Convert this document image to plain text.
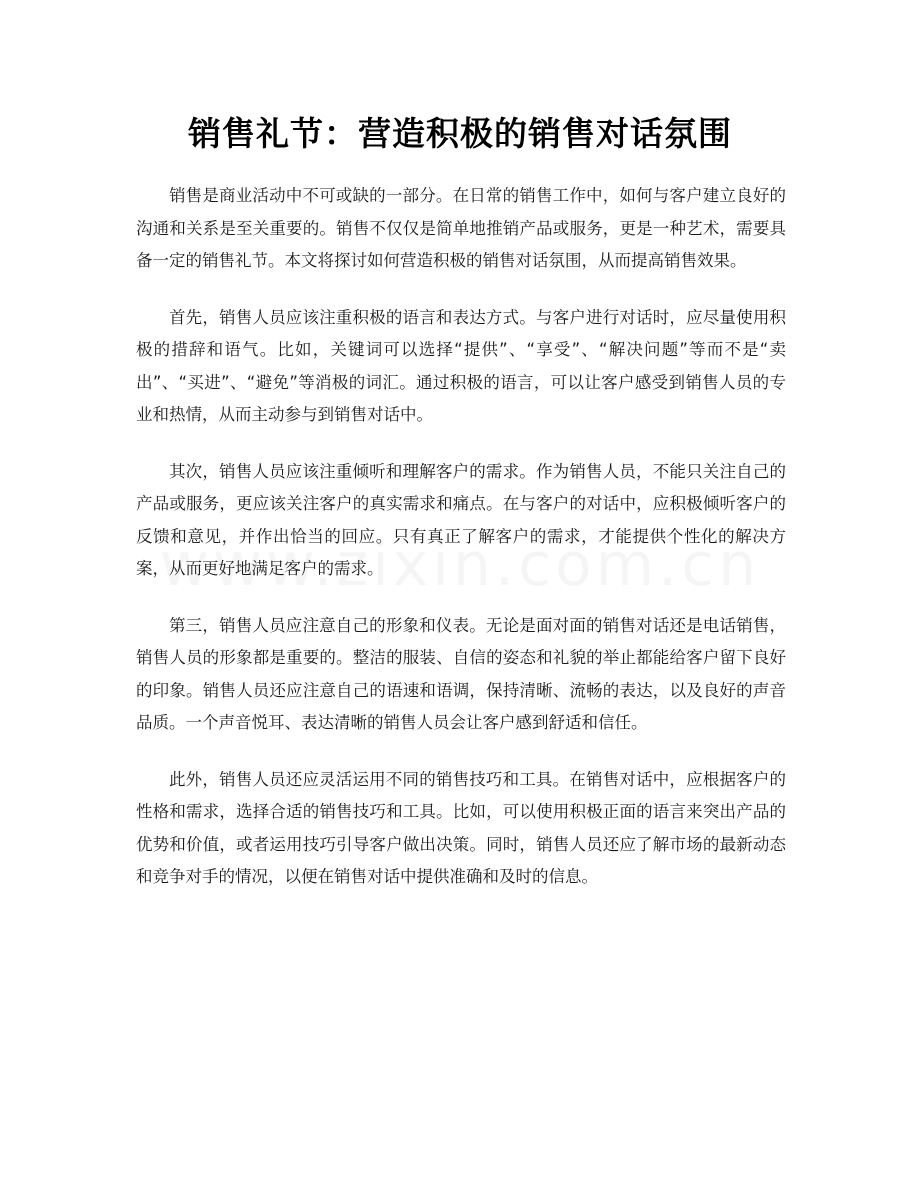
销售礼节：营造积极的销售对话氛围

销售是商业活动中不可或缺的一部分。在日常的销售工作中，如何与客户建立良好的沟通和关系是至关重要的。销售不仅仅是简单地推销产品或服务，更是一种艺术，需要具备一定的销售礼节。本文将探讨如何营造积极的销售对话氛围，从而提高销售效果。

首先，销售人员应该注重积极的语言和表达方式。与客户进行对话时，应尽量使用积极的措辞和语气。比如，关键词可以选择“提供”、“享受”、“解决问题”等而不是“卖出”、“买进”、“避免”等消极的词汇。通过积极的语言，可以让客户感受到销售人员的专业和热情，从而主动参与到销售对话中。

其次，销售人员应该注重倾听和理解客户的需求。作为销售人员，不能只关注自己的产品或服务，更应该关注客户的真实需求和痛点。在与客户的对话中，应积极倾听客户的反馈和意见，并作出恰当的回应。只有真正了解客户的需求，才能提供个性化的解决方案，从而更好地满足客户的需求。

第三，销售人员应注意自己的形象和仪表。无论是面对面的销售对话还是电话销售，销售人员的形象都是重要的。整洁的服装、自信的姿态和礼貌的举止都能给客户留下良好的印象。销售人员还应注意自己的语速和语调，保持清晰、流畅的表达，以及良好的声音品质。一个声音悦耳、表达清晰的销售人员会让客户感到舒适和信任。

此外，销售人员还应灵活运用不同的销售技巧和工具。在销售对话中，应根据客户的性格和需求，选择合适的销售技巧和工具。比如，可以使用积极正面的语言来突出产品的优势和价值，或者运用技巧引导客户做出决策。同时，销售人员还应了解市场的最新动态和竞争对手的情况，以便在销售对话中提供准确和及时的信息。
